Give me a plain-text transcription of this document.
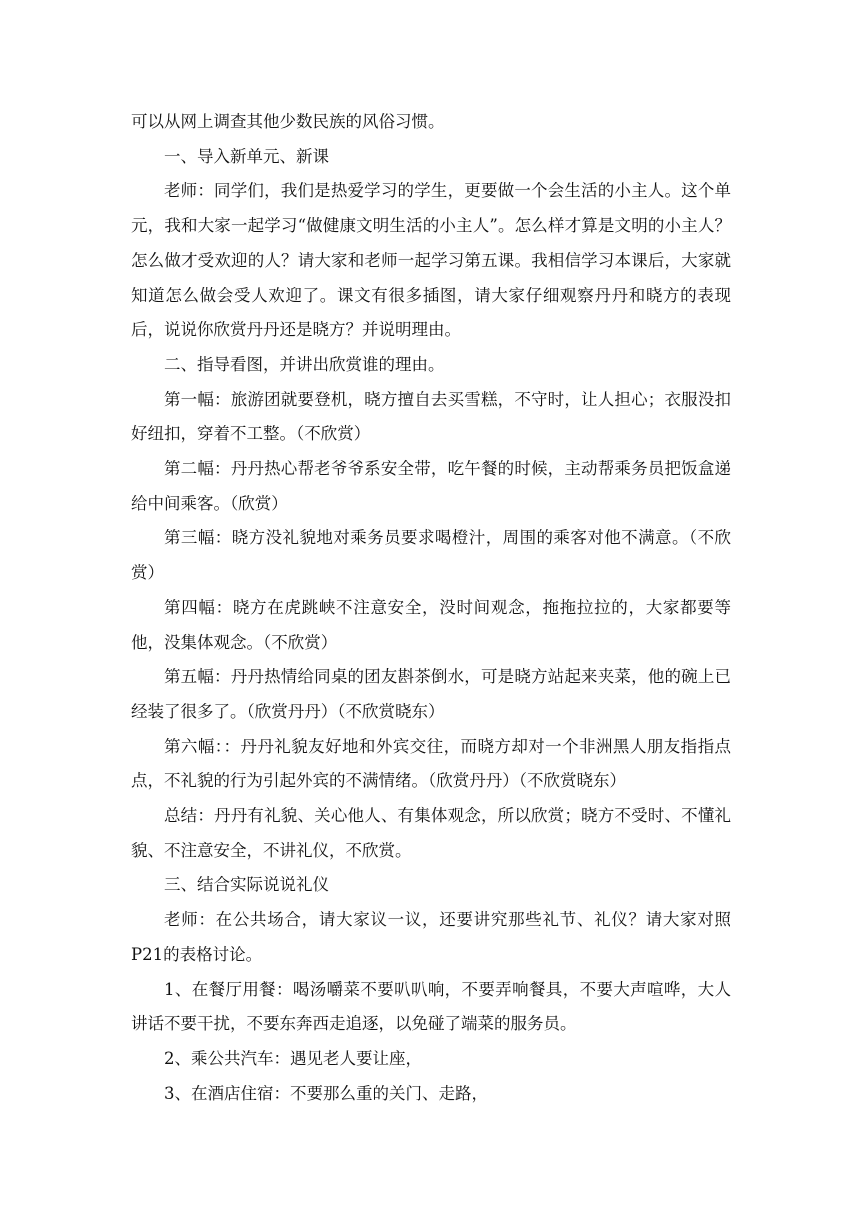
可以从网上调查其他少数民族的风俗习惯。

一、导入新单元、新课

老师：同学们，我们是热爱学习的学生，更要做一个会生活的小主人。这个单元，我和大家一起学习“做健康文明生活的小主人”。怎么样才算是文明的小主人？怎么做才受欢迎的人？请大家和老师一起学习第五课。我相信学习本课后，大家就知道怎么做会受人欢迎了。课文有很多插图，请大家仔细观察丹丹和晓方的表现后，说说你欣赏丹丹还是晓方？并说明理由。

二、指导看图，并讲出欣赏谁的理由。

第一幅：旅游团就要登机，晓方擅自去买雪糕，不守时，让人担心；衣服没扣好纽扣，穿着不工整。（不欣赏）

第二幅：丹丹热心帮老爷爷系安全带，吃午餐的时候，主动帮乘务员把饭盒递给中间乘客。（欣赏）

第三幅：晓方没礼貌地对乘务员要求喝橙汁，周围的乘客对他不满意。（不欣赏）

第四幅：晓方在虎跳峡不注意安全，没时间观念，拖拖拉拉的，大家都要等他，没集体观念。（不欣赏）

第五幅：丹丹热情给同桌的团友斟茶倒水，可是晓方站起来夹菜，他的碗上已经装了很多了。（欣赏丹丹）（不欣赏晓东）

第六幅：：丹丹礼貌友好地和外宾交往，而晓方却对一个非洲黑人朋友指指点点，不礼貌的行为引起外宾的不满情绪。（欣赏丹丹）（不欣赏晓东）

总结：丹丹有礼貌、关心他人、有集体观念，所以欣赏；晓方不受时、不懂礼貌、不注意安全，不讲礼仪，不欣赏。

三、结合实际说说礼仪

老师：在公共场合，请大家议一议，还要讲究那些礼节、礼仪？请大家对照P21的表格讨论。

1、在餐厅用餐：喝汤嚼菜不要叭叭响，不要弄响餐具，不要大声喧哗，大人讲话不要干扰，不要东奔西走追逐，以免碰了端菜的服务员。

2、乘公共汽车：遇见老人要让座，

3、在酒店住宿：不要那么重的关门、走路，
